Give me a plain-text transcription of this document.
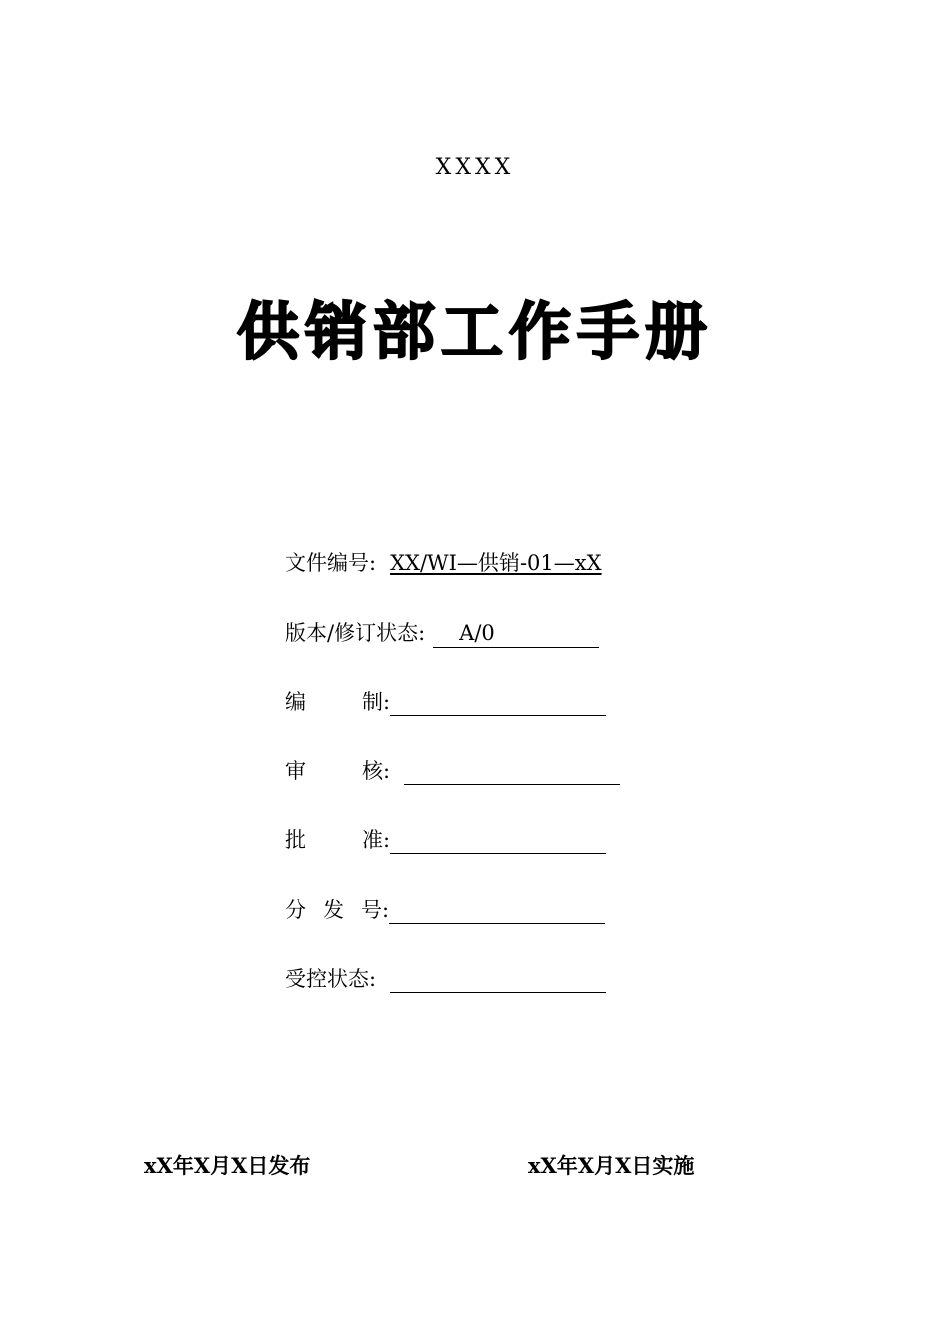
XXXX
供销部工作手册
文件编号: XX/WI—供销-01—xX
版本/修订状态: A/0
编	制:
审	核:
批	准:
分 发 号:
受控状态:
xX年X月X日发布	xX年X月X日实施
